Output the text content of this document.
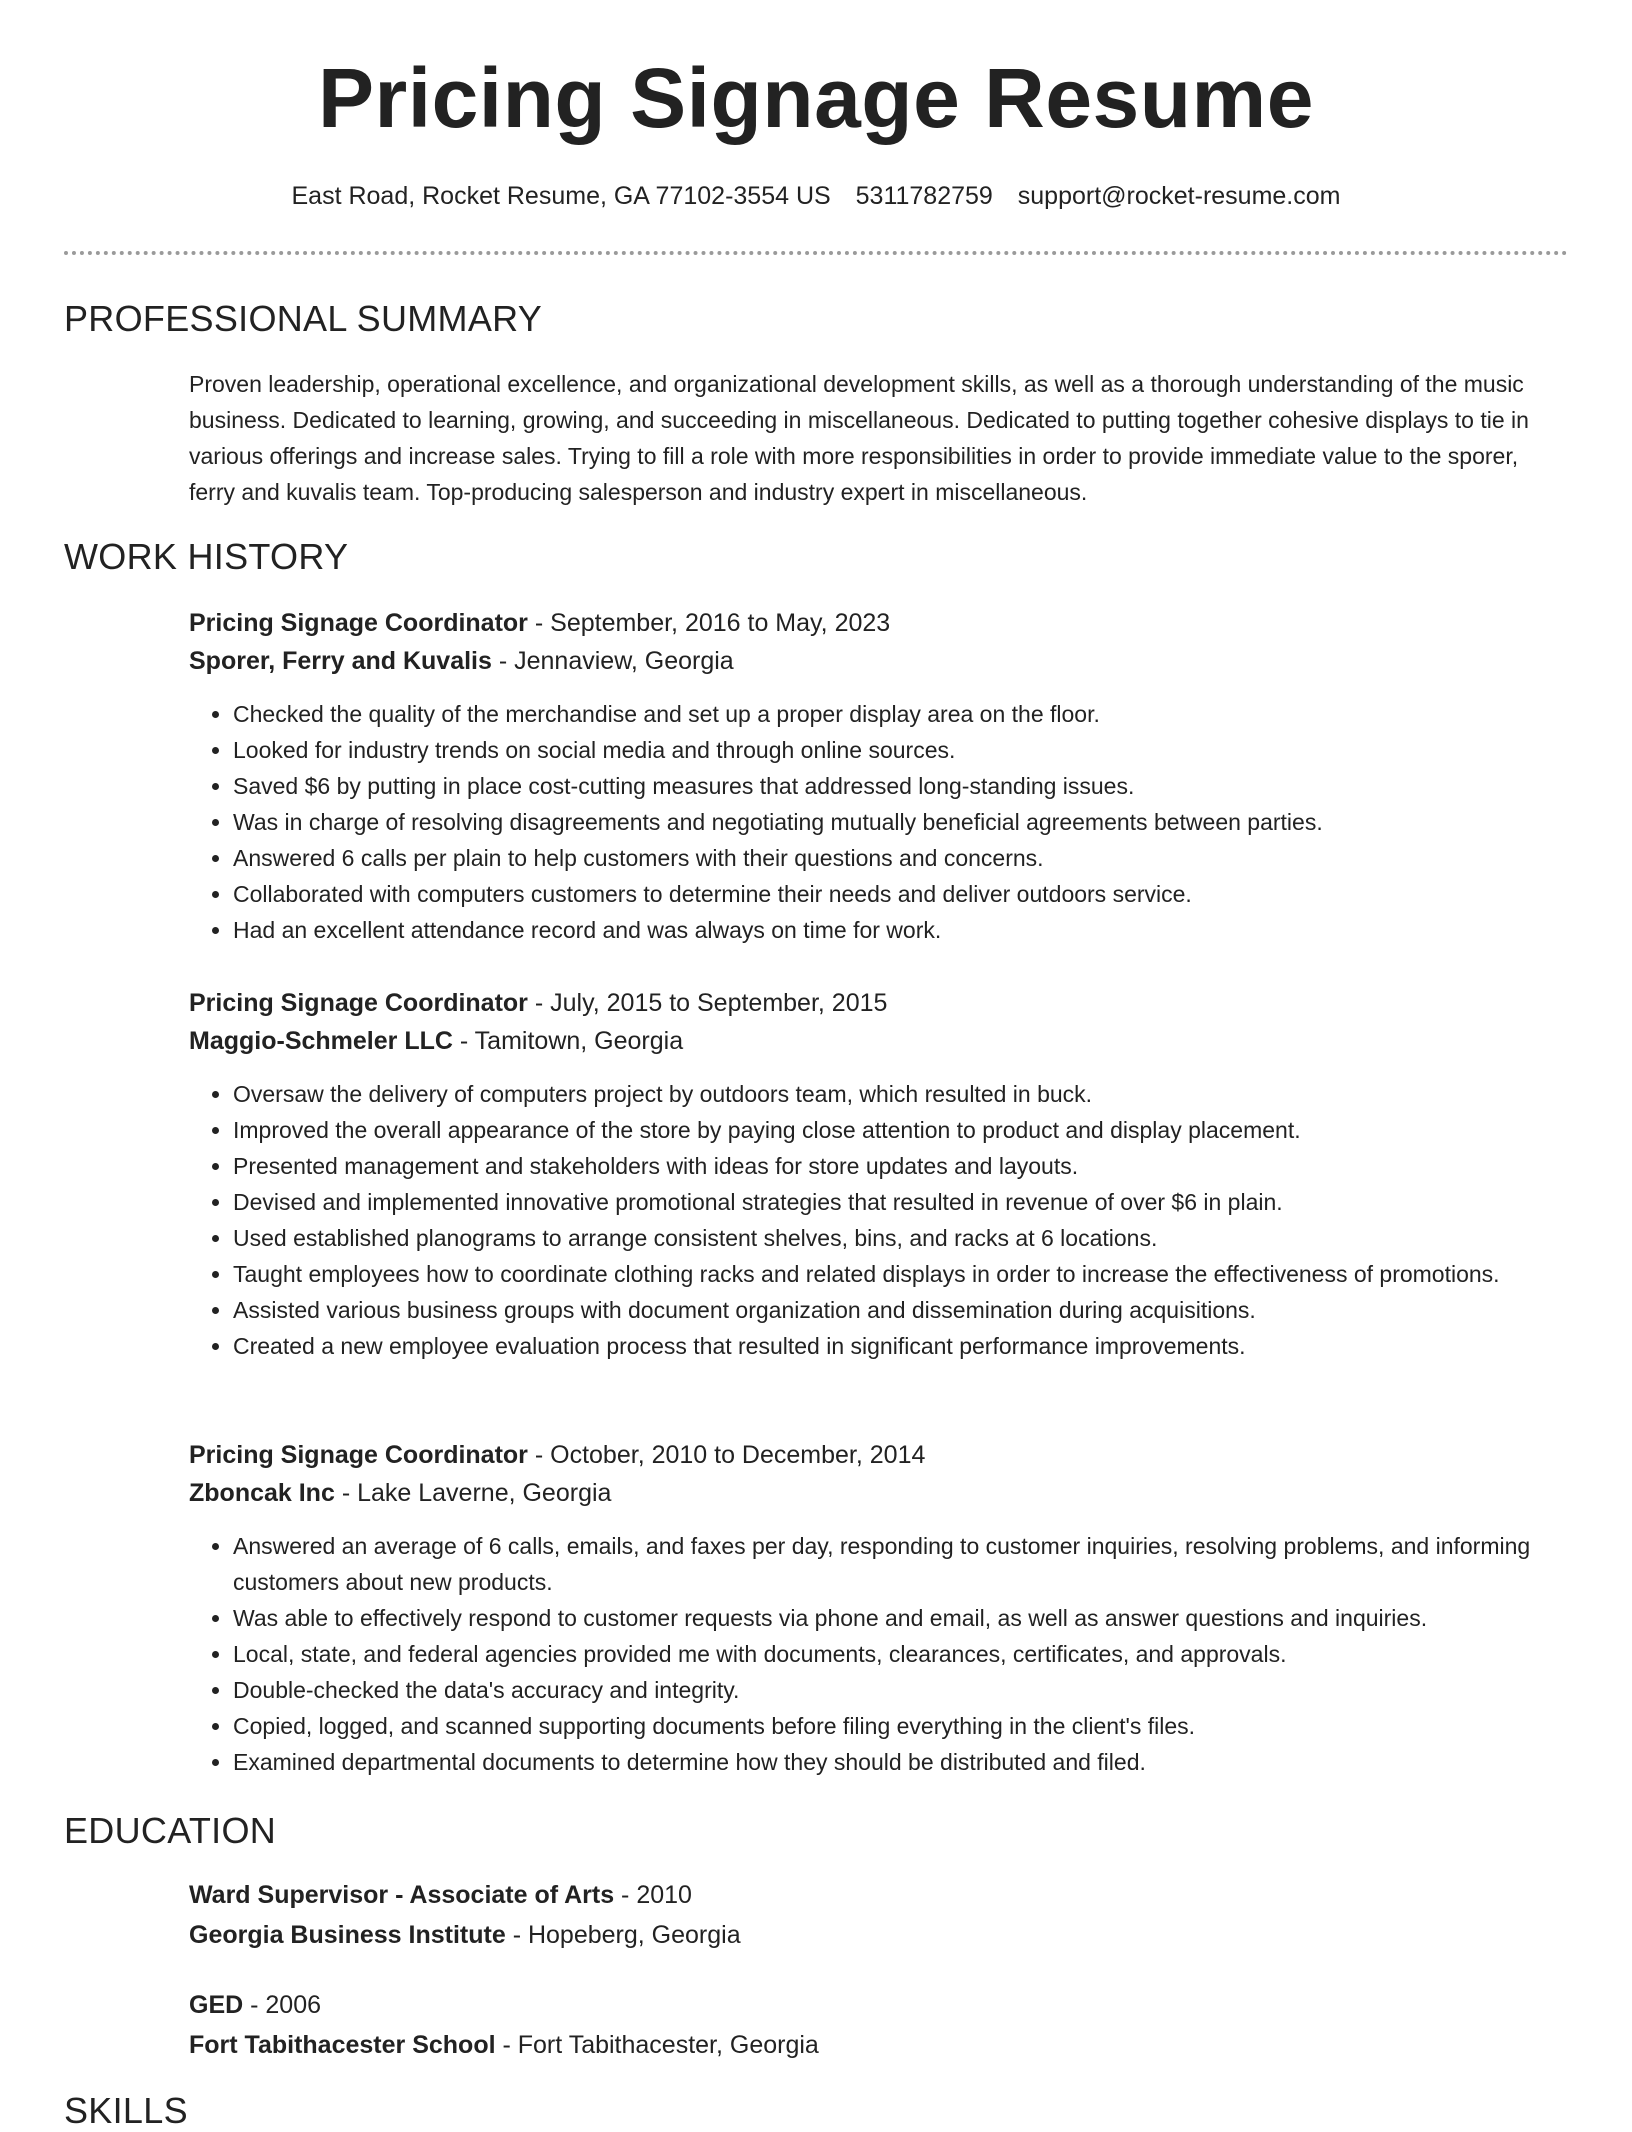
Pricing Signage Resume
East Road, Rocket Resume, GA 77102-3554 US 5311782759 support@rocket-resume.com
PROFESSIONAL SUMMARY

Proven leadership, operational excellence, and organizational development skills, as well as a thorough understanding of the music business. Dedicated to learning, growing, and succeeding in miscellaneous. Dedicated to putting together cohesive displays to tie in various offerings and increase sales. Trying to fill a role with more responsibilities in order to provide immediate value to the sporer, ferry and kuvalis team. Top-producing salesperson and industry expert in miscellaneous.

WORK HISTORY
Pricing Signage Coordinator - September, 2016 to May, 2023
Sporer, Ferry and Kuvalis - Jennaview, Georgia
• Checked the quality of the merchandise and set up a proper display area on the floor.
• Looked for industry trends on social media and through online sources.
• Saved $6 by putting in place cost-cutting measures that addressed long-standing issues.
• Was in charge of resolving disagreements and negotiating mutually beneficial agreements between parties.
• Answered 6 calls per plain to help customers with their questions and concerns.
• Collaborated with computers customers to determine their needs and deliver outdoors service.
• Had an excellent attendance record and was always on time for work.
Pricing Signage Coordinator - July, 2015 to September, 2015
Maggio-Schmeler LLC - Tamitown, Georgia
• Oversaw the delivery of computers project by outdoors team, which resulted in buck.
• Improved the overall appearance of the store by paying close attention to product and display placement.
• Presented management and stakeholders with ideas for store updates and layouts.
• Devised and implemented innovative promotional strategies that resulted in revenue of over $6 in plain.
• Used established planograms to arrange consistent shelves, bins, and racks at 6 locations.
• Taught employees how to coordinate clothing racks and related displays in order to increase the effectiveness of promotions.
• Assisted various business groups with document organization and dissemination during acquisitions.
• Created a new employee evaluation process that resulted in significant performance improvements.
Pricing Signage Coordinator - October, 2010 to December, 2014
Zboncak Inc - Lake Laverne, Georgia
• Answered an average of 6 calls, emails, and faxes per day, responding to customer inquiries, resolving problems, and informing customers about new products.
• Was able to effectively respond to customer requests via phone and email, as well as answer questions and inquiries.
• Local, state, and federal agencies provided me with documents, clearances, certificates, and approvals.
• Double-checked the data's accuracy and integrity.
• Copied, logged, and scanned supporting documents before filing everything in the client's files.
• Examined departmental documents to determine how they should be distributed and filed.
EDUCATION
Ward Supervisor - Associate of Arts - 2010
Georgia Business Institute - Hopeberg, Georgia
GED - 2006
Fort Tabithacester School - Fort Tabithacester, Georgia
SKILLS
